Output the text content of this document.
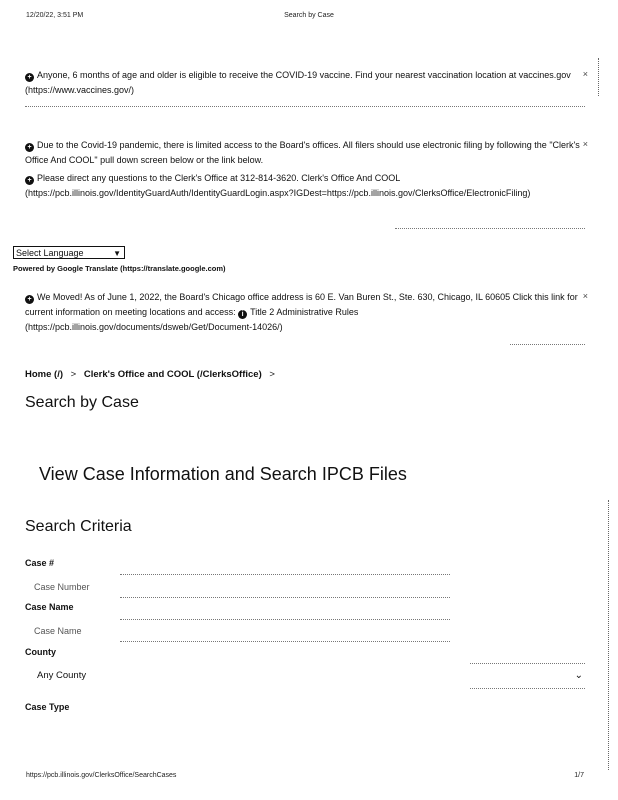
12/20/22, 3:51 PM	Search by Case
+ Anyone, 6 months of age and older is eligible to receive the COVID-19 vaccine. Find your nearest vaccination location at vaccines.gov (https://www.vaccines.gov/)
×
+ Due to the Covid-19 pandemic, there is limited access to the Board's offices. All filers should use electronic filing by following the "Clerk's Office And COOL" pull down screen below or the link below.
×
+ Please direct any questions to the Clerk's Office at 312-814-3620. Clerk's Office And COOL (https://pcb.illinois.gov/IdentityGuardAuth/IdentityGuardLogin.aspx?IGDest=https://pcb.illinois.gov/ClerksOffice/ElectronicFiling)
Select Language	▼
Powered by Google Translate (https://translate.google.com)
+ We Moved! As of June 1, 2022, the Board's Chicago office address is 60 E. Van Buren St., Ste. 630, Chicago, IL 60605 Click this link for current information on meeting locations and access: i Title 2 Administrative Rules (https://pcb.illinois.gov/documents/dsweb/Get/Document-14026/)
×
Home (/) > Clerk's Office and COOL (/ClerksOffice) >
Search by Case
View Case Information and Search IPCB Files
Search Criteria
Case #
Case Number
Case Name
Case Name
County
Any County	⌄
Case Type
https://pcb.illinois.gov/ClerksOffice/SearchCases	1/7
